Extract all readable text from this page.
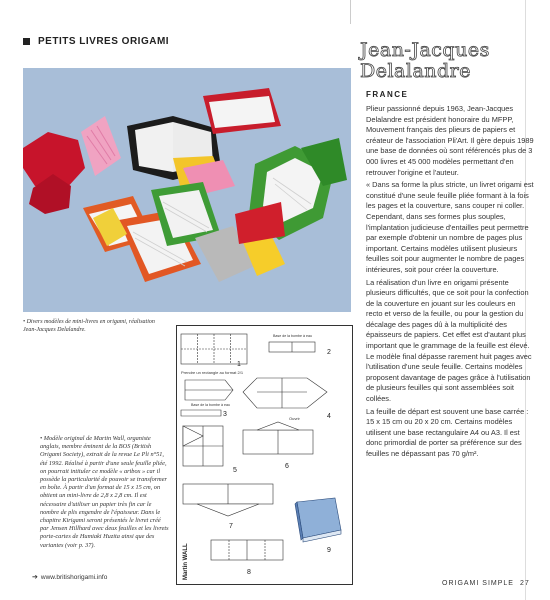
PETITS LIVRES ORIGAMI
• Divers modèles de mini-livres en origami, réalisation Jean-Jacques Delalandre.
Prendre un rectangle au format 2/1
1
Base de la bombe à eau
2
Base de la bombe à eau
3
Ouvrir	4
5
6
7
8
9
Martin WALL
• Modèle original de Martin Wall, organiste anglais, membre éminent de la BOS (British Origami Society), extrait de la revue Le Pli n°51, été 1992. Réalisé à partir d'une seule feuille pliée, on pourrait intituler ce modèle « aribox » car il possède la particularité de pouvoir se transformer en boîte. À partir d'un format de 15 x 15 cm, on obtient un mini-livre de 2,8 x 2,8 cm. Il est nécessaire d'utiliser un papier très fin car le nombre de plis engendre de l'épaisseur. Dans le chapitre Kirigami seront présentés le livret créé par Jensen Hillhard avec deux feuilles et les livrets porte-cartes de Humiaki Huzita ainsi que des variantes (voir p. 37).
➔ www.britishorigami.info
Jean-Jacques Delalandre
FRANCE

Plieur passionné depuis 1963, Jean-Jacques Delalandre est président honoraire du MFPP, Mouvement français des plieurs de papiers et créateur de l'association Pli'Art. Il gère depuis 1989 une base de données où sont référencés plus de 3 000 livres et 45 000 modèles permettant d'en retrouver l'origine et l'auteur.

« Dans sa forme la plus stricte, un livret origami est constitué d'une seule feuille pliée formant à la fois les pages et la couverture, sans couper ni coller. Cependant, dans ses formes plus souples, l'implantation judicieuse d'entailles peut permettre par exemple d'obtenir un nombre de pages plus important. Certains modèles utilisent plusieurs feuilles soit pour augmenter le nombre de pages intérieures, soit pour créer la couverture.

La réalisation d'un livre en origami présente plusieurs difficultés, que ce soit pour la confection de la couverture en jouant sur les couleurs en recto et verso de la feuille, ou pour la gestion du décalage des pages dû à la multiplicité des épaisseurs de papiers. Cet effet est d'autant plus important que le grammage de la feuille est élevé. Le modèle final dépasse rarement huit pages avec l'utilisation d'une seule feuille. Certains modèles proposent davantage de pages grâce à l'utilisation de plusieurs feuilles qui sont assemblées soit collées.

La feuille de départ est souvent une base carrée : 15 x 15 cm ou 20 x 20 cm. Certains modèles utilisent une base rectangulaire A4 ou A3. Il est donc primordial de porter sa préférence sur des feuilles ne dépassant pas 70 g/m².

ORIGAMI SIMPLE 27
